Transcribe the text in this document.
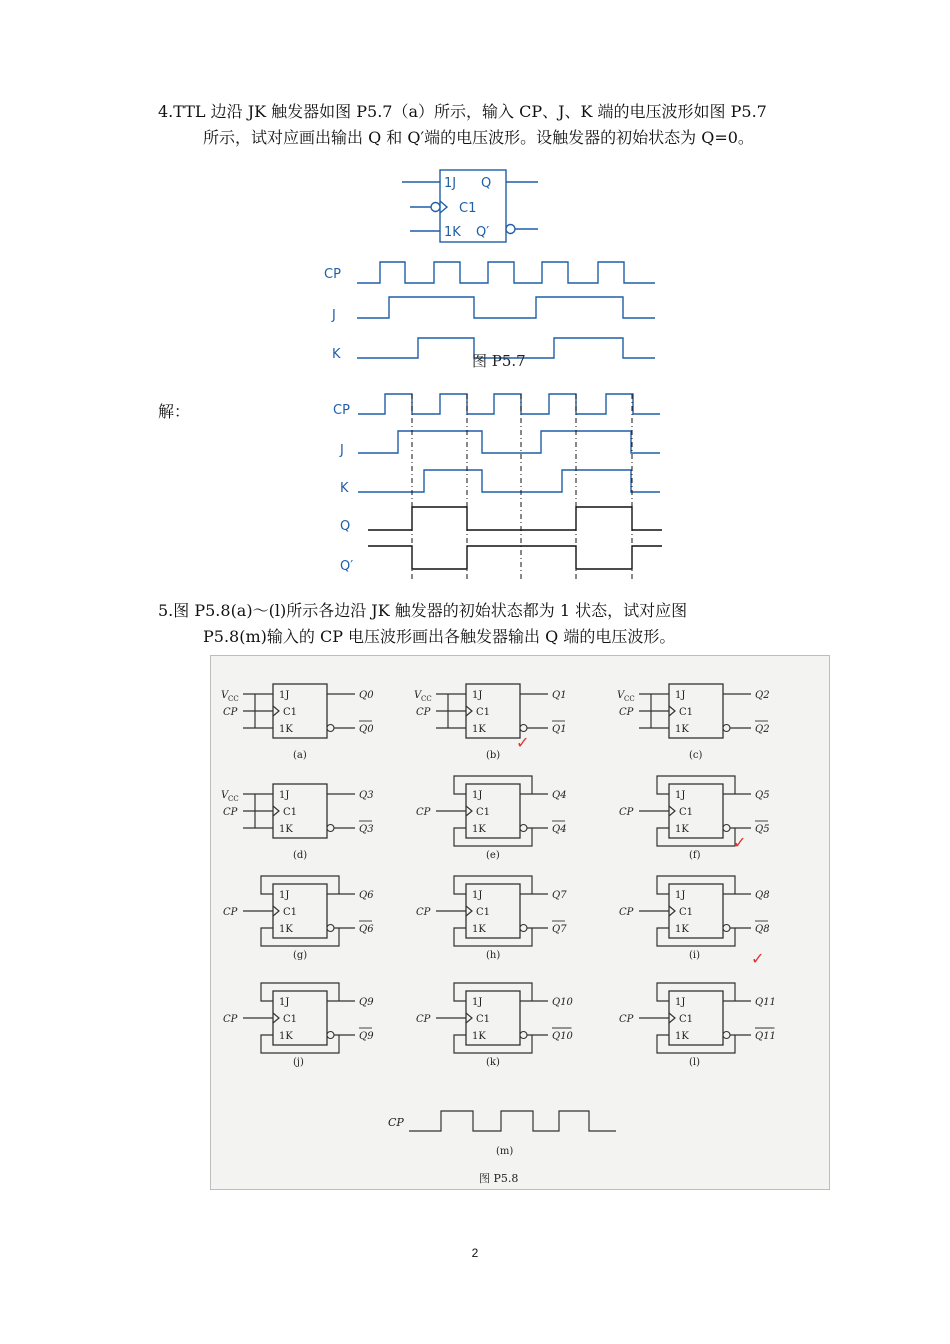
4.TTL 边沿 JK 触发器如图 P5.7（a）所示，输入 CP、J、K 端的电压波形如图 P5.7
所示，试对应画出输出 Q 和 Q′端的电压波形。设触发器的初始状态为 Q=0。
1J Q
C1
1K Q′
CP
J
K	图 P5.7
CP
J
K
Q
Q′
解：
5.图 P5.8(a)～(l)所示各边沿 JK 触发器的初始状态都为 1 状态，试对应图
P5.8(m)输入的 CP 电压波形画出各触发器输出 Q 端的电压波形。
1J
C1
1K
Q0
Q0
CP
(a)
V CC	1J
C1
1K
Q1
Q1
CP
(b)
V CC	1J
C1
1K
Q2
Q2
CP
(c)
V CC
1J
C1
1K
Q3
Q3
CP
(d)
V CC	1J
C1
1K
Q4
Q4
CP
(e)
1J
C1
1K
Q5
Q5
CP
(f)
1J
C1
1K
Q6
Q6
CP
(g)
1J
C1
1K
Q7
Q7
CP
(h)
1J
C1
1K
Q8
Q8
CP
(i)
1J
C1
1K
Q9
Q9
CP
(j)
1J
C1
1K
Q10
Q10
CP
(k)
1J
C1
1K
Q11
Q11
CP
(l)
✓
✓
✓
CP
(m)
图 P5.8
2
